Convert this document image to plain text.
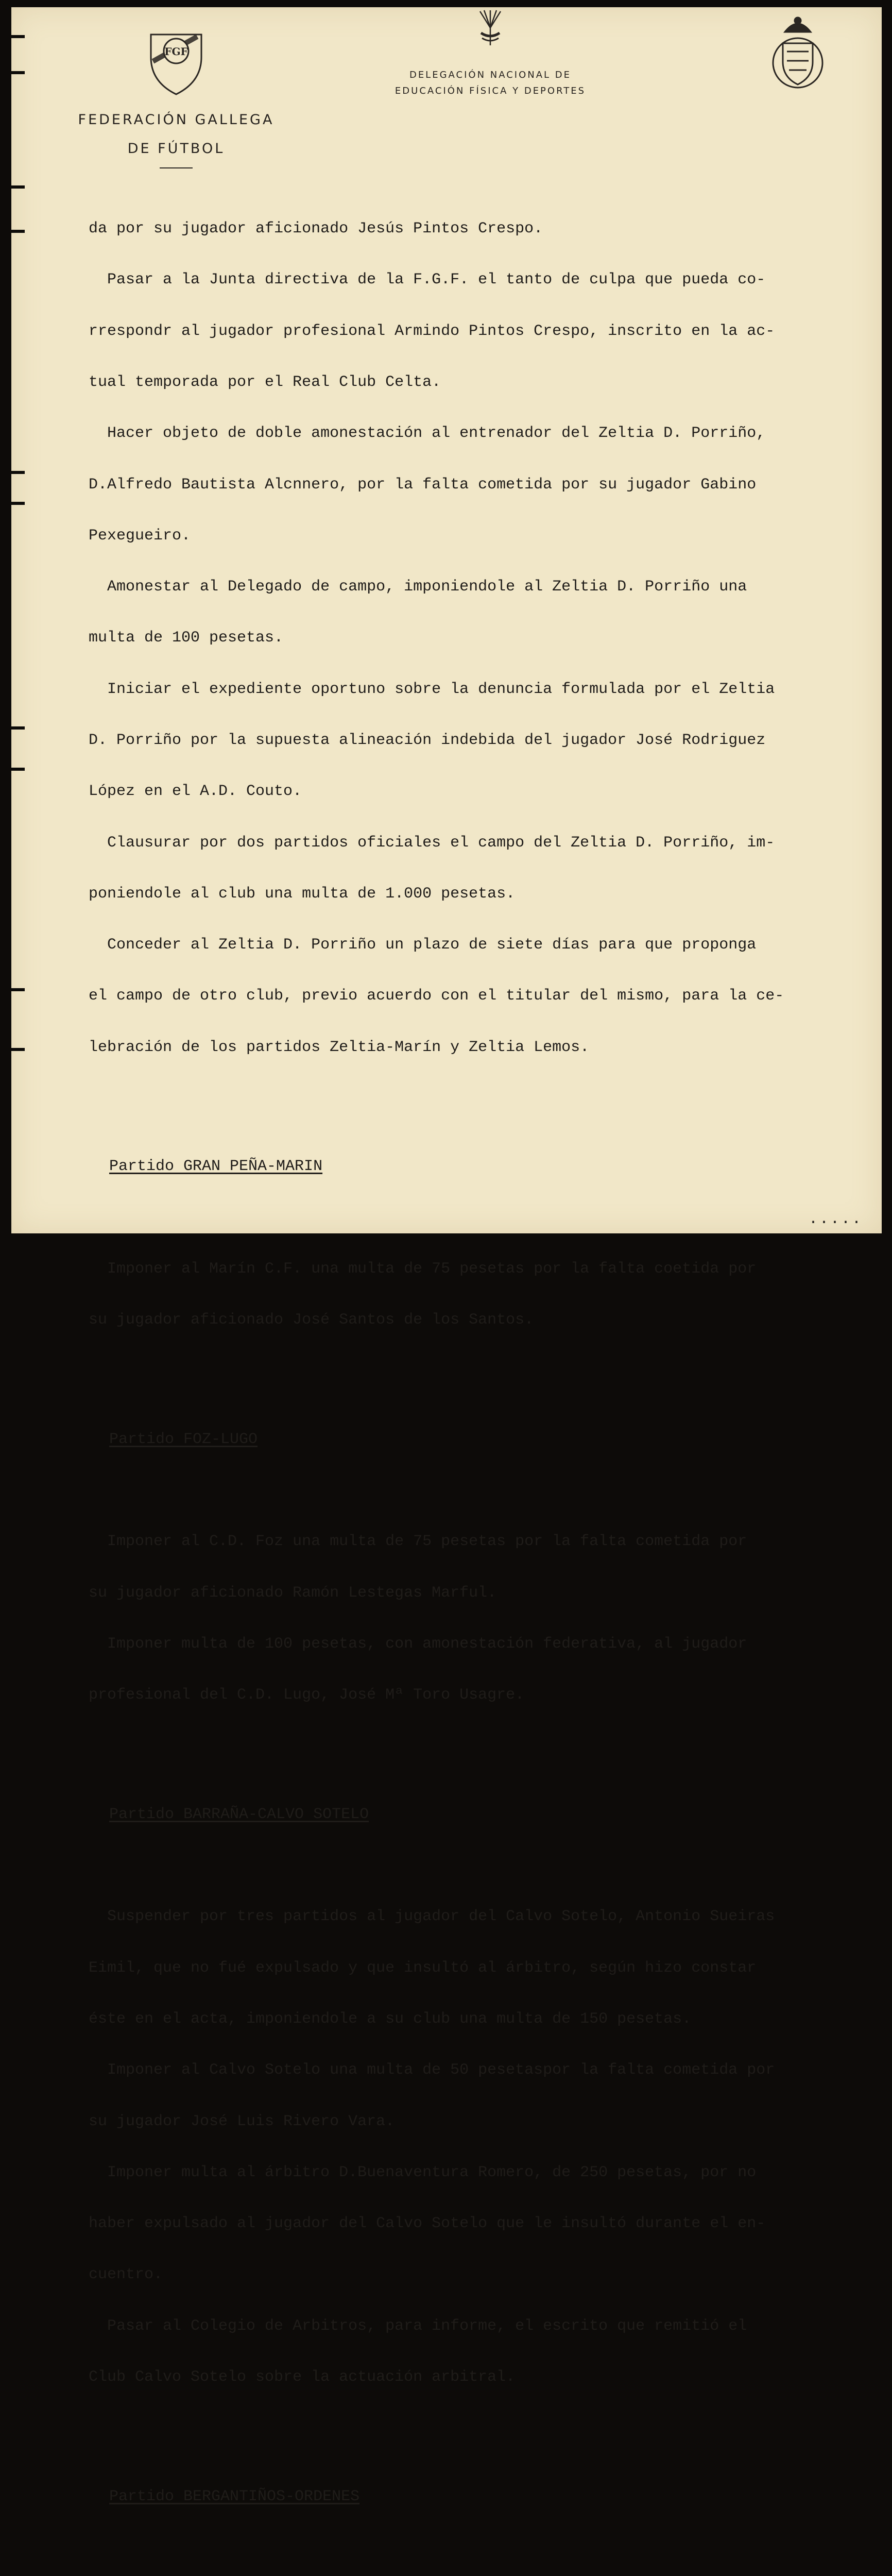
FGF
FEDERACIÓN GALLEGA
DE FÚTBOL
DELEGACIÓN NACIONAL DE
EDUCACIÓN FÍSICA Y DEPORTES

da por su jugador aficionado Jesús Pintos Crespo.

Pasar a la Junta directiva de la F.G.F. el tanto de culpa que pueda co-

rrespondr al jugador profesional Armindo Pintos Crespo, inscrito en la ac-

tual temporada por el Real Club Celta.

Hacer objeto de doble amonestación al entrenador del Zeltia D. Porriño,

D.Alfredo Bautista Alcnnero, por la falta cometida por su jugador Gabino

Pexegueiro.

Amonestar al Delegado de campo, imponiendole al Zeltia D. Porriño una

multa de 100 pesetas.

Iniciar el expediente oportuno sobre la denuncia formulada por el Zeltia

D. Porriño por la supuesta alineación indebida del jugador José Rodriguez

López en el A.D. Couto.

Clausurar por dos partidos oficiales el campo del Zeltia D. Porriño, im-

poniendole al club una multa de 1.000 pesetas.

Conceder al Zeltia D. Porriño un plazo de siete días para que proponga

el campo de otro club, previo acuerdo con el titular del mismo, para la ce-

lebración de los partidos Zeltia-Marín y Zeltia Lemos.

Partido GRAN PEÑA-MARIN

Imponer al Marín C.F. una multa de 75 pesetas por la falta coetida por

su jugador aficionado José Santos de los Santos.

Partido FOZ-LUGO

Imponer al C.D. Foz una multa de 75 pesetas por la falta cometida por

su jugador aficionado Ramón Lestegas Marful.

Imponer multa de 100 pesetas, con amonestación federativa, al jugador

profesional del C.D. Lugo, José Mª Toro Usagre.

Partido BARRAÑA-CALVO SOTELO

Suspender por tres partidos al jugador del Calvo Sotelo, Antonio Sueiras

Eimil, que no fué expulsado y que insultó al árbitro, según hizo constar

éste en el acta, imponiendole a su club una multa de 150 pesetas.

Imponer al Calvo Sotelo una multa de 50 pesetaspor la falta cometida por

su jugador José Luis Rivero Vara.

Imponer multa al árbitro D.Buenaventura Romero, de 250 pesetas, por no

haber expulsado al jugador del Calvo Sotelo que le insultó durante el en-

cuentro.

Pasar al Colegio de Arbitros, para informe, el escrito que remitió el

Club Calvo Sotelo sobre la actuación arbitral.

Partido BERGANTIÑOS-ORDENES

.....
